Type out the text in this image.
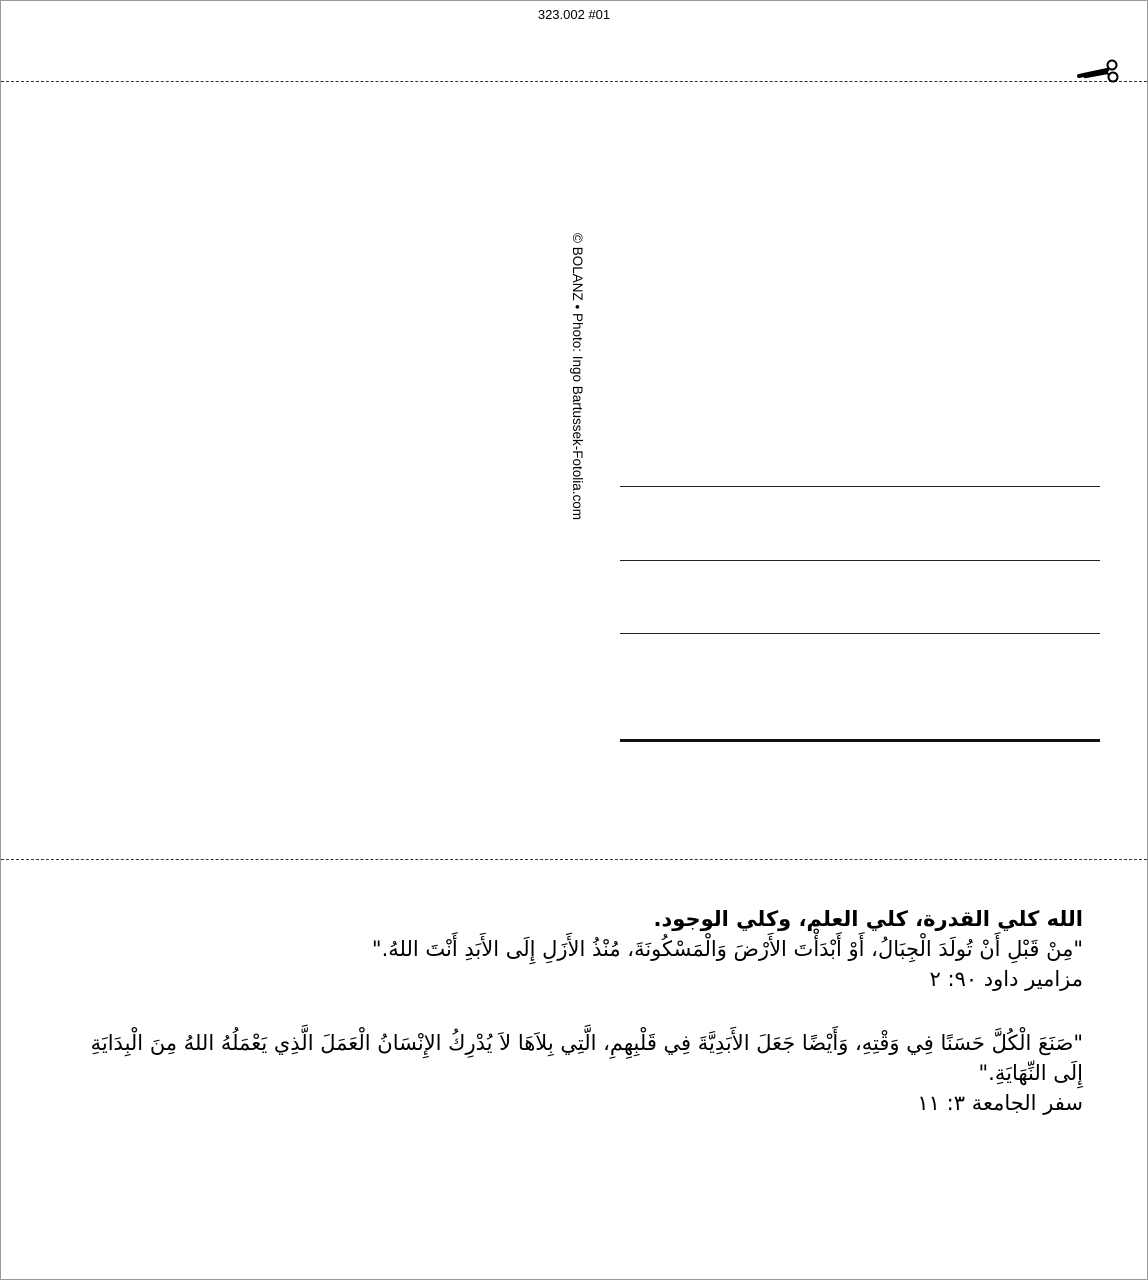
323.002 #01
© BOLANZ • Photo: Ingo Bartussek-Fotolia.com

الله كلي القدرة، كلي العلم، وكلي الوجود.

"مِنْ قَبْلِ أَنْ تُولَدَ الْجِبَالُ، أَوْ أَبْدَأْتَ الأَرْضَ وَالْمَسْكُونَةَ، مُنْذُ الأَزَلِ إِلَى الأَبَدِ أَنْتَ اللهُ."

مزامير داود ٩٠: ٢

"صَنَعَ الْكُلَّ حَسَنًا فِي وَقْتِهِ، وَأَيْضًا جَعَلَ الأَبَدِيَّةَ فِي قَلْبِهِمِ، الَّتِي بِلاَهَا لاَ يُدْرِكُ الإِنْسَانُ الْعَمَلَ الَّذِي يَعْمَلُهُ اللهُ مِنَ الْبِدَايَةِ

إِلَى النِّهَايَةِ."

سفر الجامعة ٣: ١١
